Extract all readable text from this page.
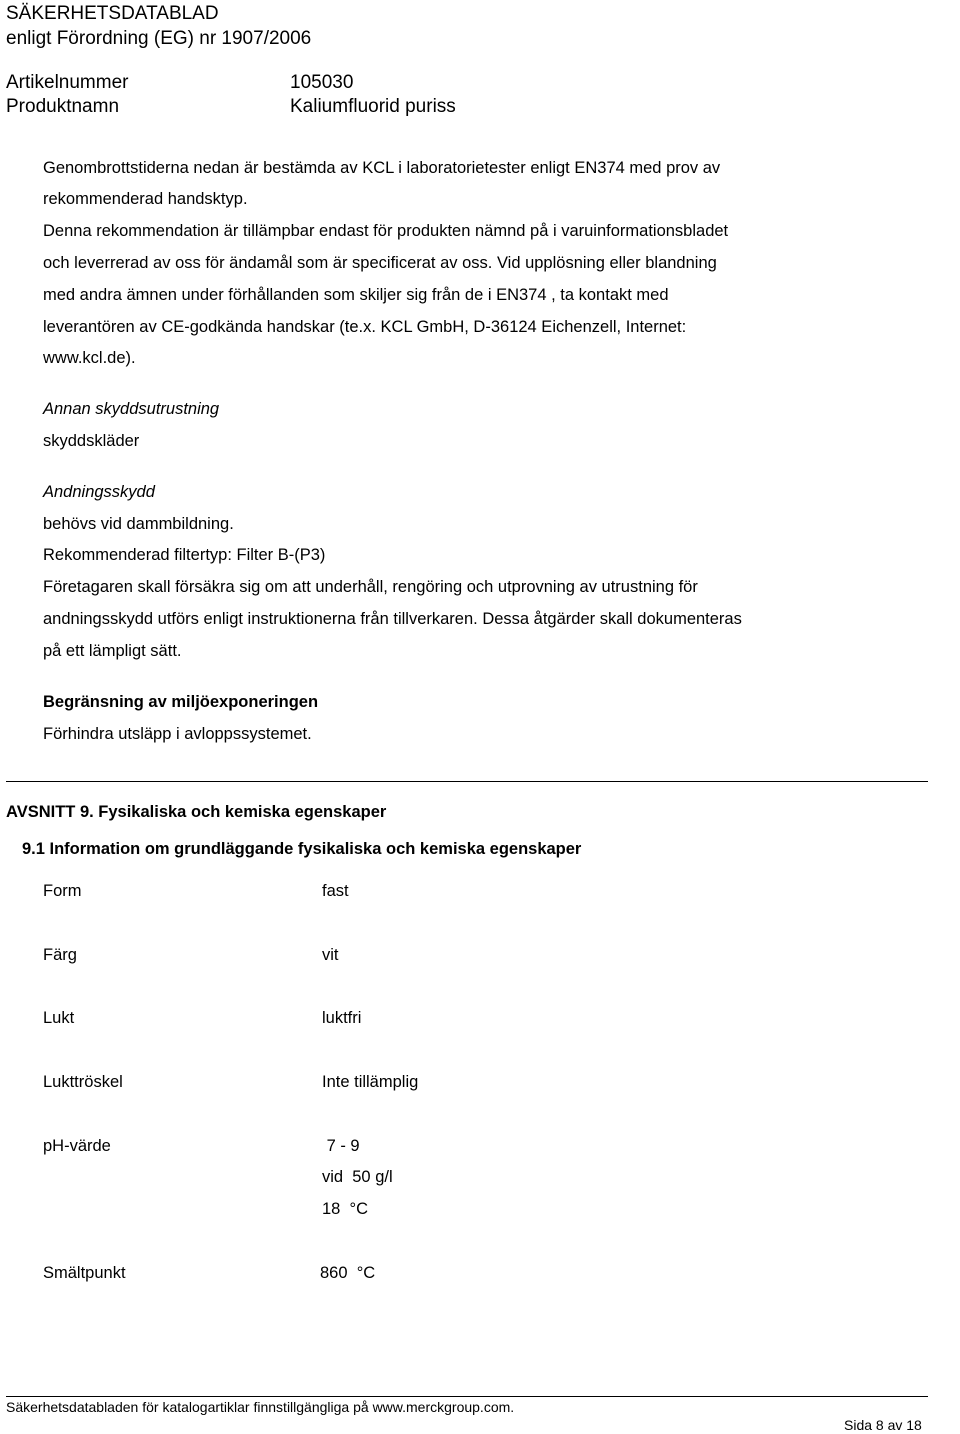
SÄKERHETSDATABLAD
enligt Förordning (EG) nr 1907/2006
Artikelnummer	105030
Produktnamn	Kaliumfluorid puriss
Genombrottstiderna nedan är bestämda av KCL i laboratorietester enligt EN374 med prov av
rekommenderad handsktyp.
Denna rekommendation är tillämpbar endast för produkten nämnd på i varuinformationsbladet
och leverrerad av oss för ändamål som är specificerat av oss. Vid upplösning eller blandning
med andra ämnen under förhållanden som skiljer sig från de i EN374 , ta kontakt med
leverantören av CE-godkända handskar (te.x. KCL GmbH, D-36124 Eichenzell, Internet:
www.kcl.de).
Annan skyddsutrustning
skyddskläder
Andningsskydd
behövs vid dammbildning.
Rekommenderad filtertyp: Filter B-(P3)
Företagaren skall försäkra sig om att underhåll, rengöring och utprovning av utrustning för
andningsskydd utförs enligt instruktionerna från tillverkaren. Dessa åtgärder skall dokumenteras
på ett lämpligt sätt.
Begränsning av miljöexponeringen
Förhindra utsläpp i avloppssystemet.
AVSNITT 9. Fysikaliska och kemiska egenskaper
9.1 Information om grundläggande fysikaliska och kemiska egenskaper
Form	fast
Färg	vit
Lukt	luktfri
Lukttröskel	Inte tillämplig
pH-värde	7 - 9
vid  50 g/l
18  °C
Smältpunkt	860  °C
Säkerhetsdatabladen för katalogartiklar finnstillgängliga på www.merckgroup.com.
Sida 8 av 18
